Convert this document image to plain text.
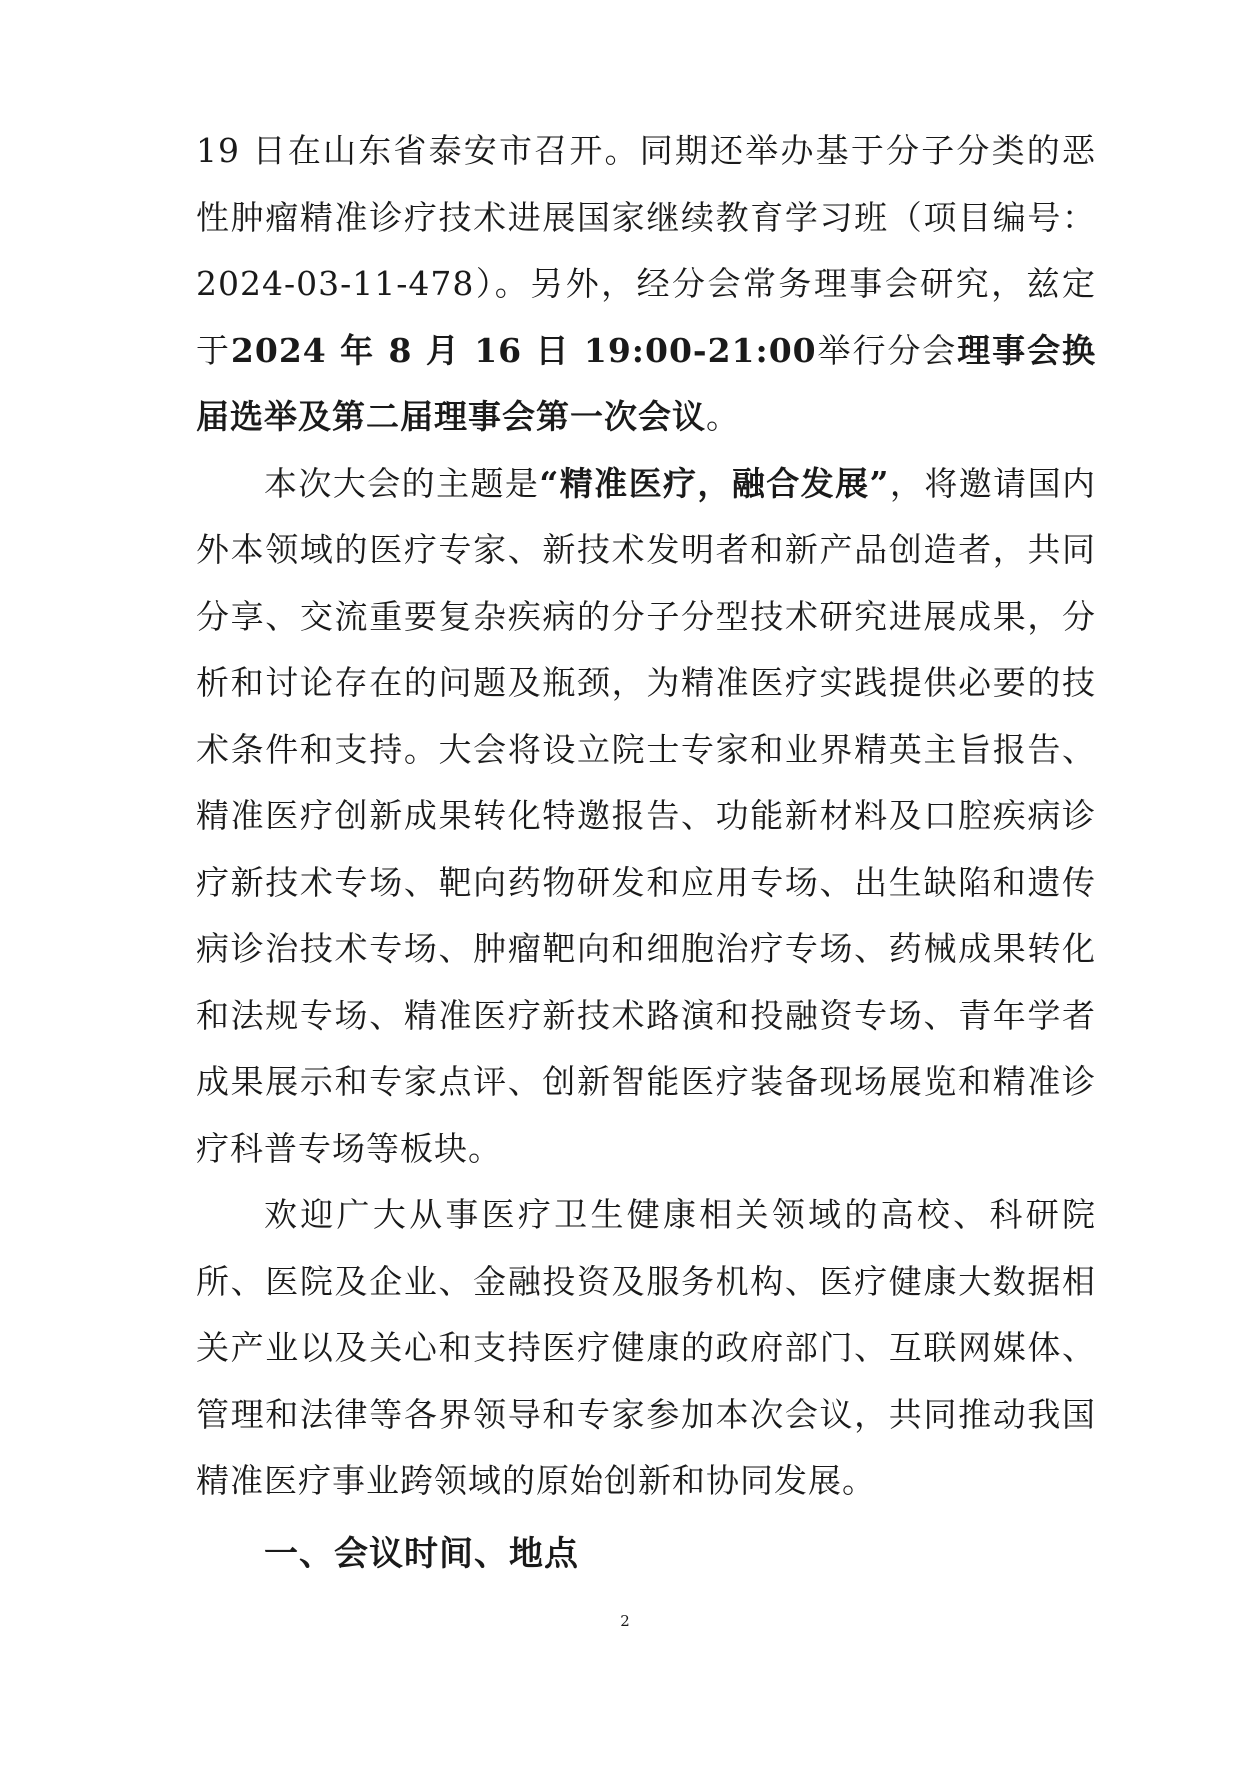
19 日在山东省泰安市召开。同期还举办基于分子分类的恶性肿瘤精准诊疗技术进展国家继续教育学习班（项目编号：2024-03-11-478）。另外，经分会常务理事会研究，兹定于2024 年 8 月 16 日 19:00-21:00举行分会理事会换届选举及第二届理事会第一次会议。

本次大会的主题是“精准医疗，融合发展”，将邀请国内外本领域的医疗专家、新技术发明者和新产品创造者，共同分享、交流重要复杂疾病的分子分型技术研究进展成果，分析和讨论存在的问题及瓶颈，为精准医疗实践提供必要的技术条件和支持。大会将设立院士专家和业界精英主旨报告、精准医疗创新成果转化特邀报告、功能新材料及口腔疾病诊疗新技术专场、靶向药物研发和应用专场、出生缺陷和遗传病诊治技术专场、肿瘤靶向和细胞治疗专场、药械成果转化和法规专场、精准医疗新技术路演和投融资专场、青年学者成果展示和专家点评、创新智能医疗装备现场展览和精准诊疗科普专场等板块。

欢迎广大从事医疗卫生健康相关领域的高校、科研院所、医院及企业、金融投资及服务机构、医疗健康大数据相关产业以及关心和支持医疗健康的政府部门、互联网媒体、管理和法律等各界领导和专家参加本次会议，共同推动我国精准医疗事业跨领域的原始创新和协同发展。

一、会议时间、地点

2
